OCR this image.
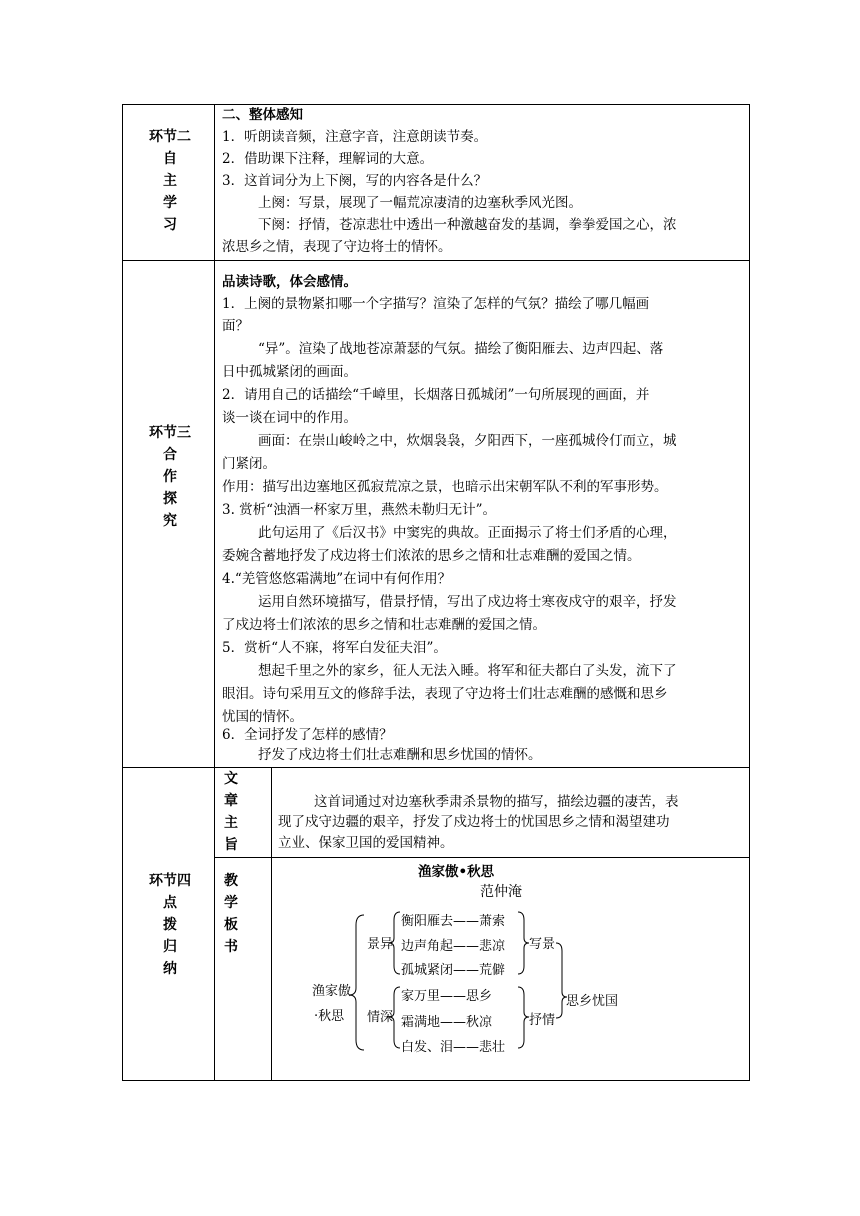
环节二
自
主
学
习
二、整体感知
1．听朗读音频，注意字音，注意朗读节奏。
2．借助课下注释，理解词的大意。
3．这首词分为上下阕，写的内容各是什么？
上阕：写景，展现了一幅荒凉凄清的边塞秋季风光图。
下阕：抒情，苍凉悲壮中透出一种激越奋发的基调，拳拳爱国之心，浓
浓思乡之情，表现了守边将士的情怀。
环节三
合
作
探
究
品读诗歌，体会感情。
1．上阕的景物紧扣哪一个字描写？渲染了怎样的气氛？描绘了哪几幅画
面？
“异”。渲染了战地苍凉萧瑟的气氛。描绘了衡阳雁去、边声四起、落
日中孤城紧闭的画面。
2．请用自己的话描绘“千嶂里，长烟落日孤城闭”一句所展现的画面，并
谈一谈在词中的作用。
画面：在崇山峻岭之中，炊烟袅袅，夕阳西下，一座孤城伶仃而立，城
门紧闭。
作用：描写出边塞地区孤寂荒凉之景，也暗示出宋朝军队不利的军事形势。
3. 赏析“浊酒一杯家万里，燕然未勒归无计”。
此句运用了《后汉书》中窦宪的典故。正面揭示了将士们矛盾的心理，
委婉含蓄地抒发了戍边将士们浓浓的思乡之情和壮志难酬的爱国之情。
4.“羌管悠悠霜满地”在词中有何作用？
运用自然环境描写，借景抒情，写出了戍边将士寒夜戍守的艰辛，抒发
了戍边将士们浓浓的思乡之情和壮志难酬的爱国之情。
5．赏析“人不寐，将军白发征夫泪”。
想起千里之外的家乡，征人无法入睡。将军和征夫都白了头发，流下了
眼泪。诗句采用互文的修辞手法，表现了守边将士们壮志难酬的感慨和思乡
忧国的情怀。
6．全词抒发了怎样的感情？
抒发了戍边将士们壮志难酬和思乡忧国的情怀。
环节四
点
拨
归
纳
文
章
主
旨
这首词通过对边塞秋季肃杀景物的描写，描绘边疆的凄苦，表
现了戍守边疆的艰辛，抒发了戍边将士的忧国思乡之情和渴望建功
立业、保家卫国的爱国精神。
教
学
板
书
渔家傲•秋思
范仲淹
渔家傲
·秋思
景异
情深
衡阳雁去——萧索
边声角起——悲凉
孤城紧闭——荒僻
家万里——思乡
霜满地——秋凉
白发、泪——悲壮
写景
抒情
思乡忧国
